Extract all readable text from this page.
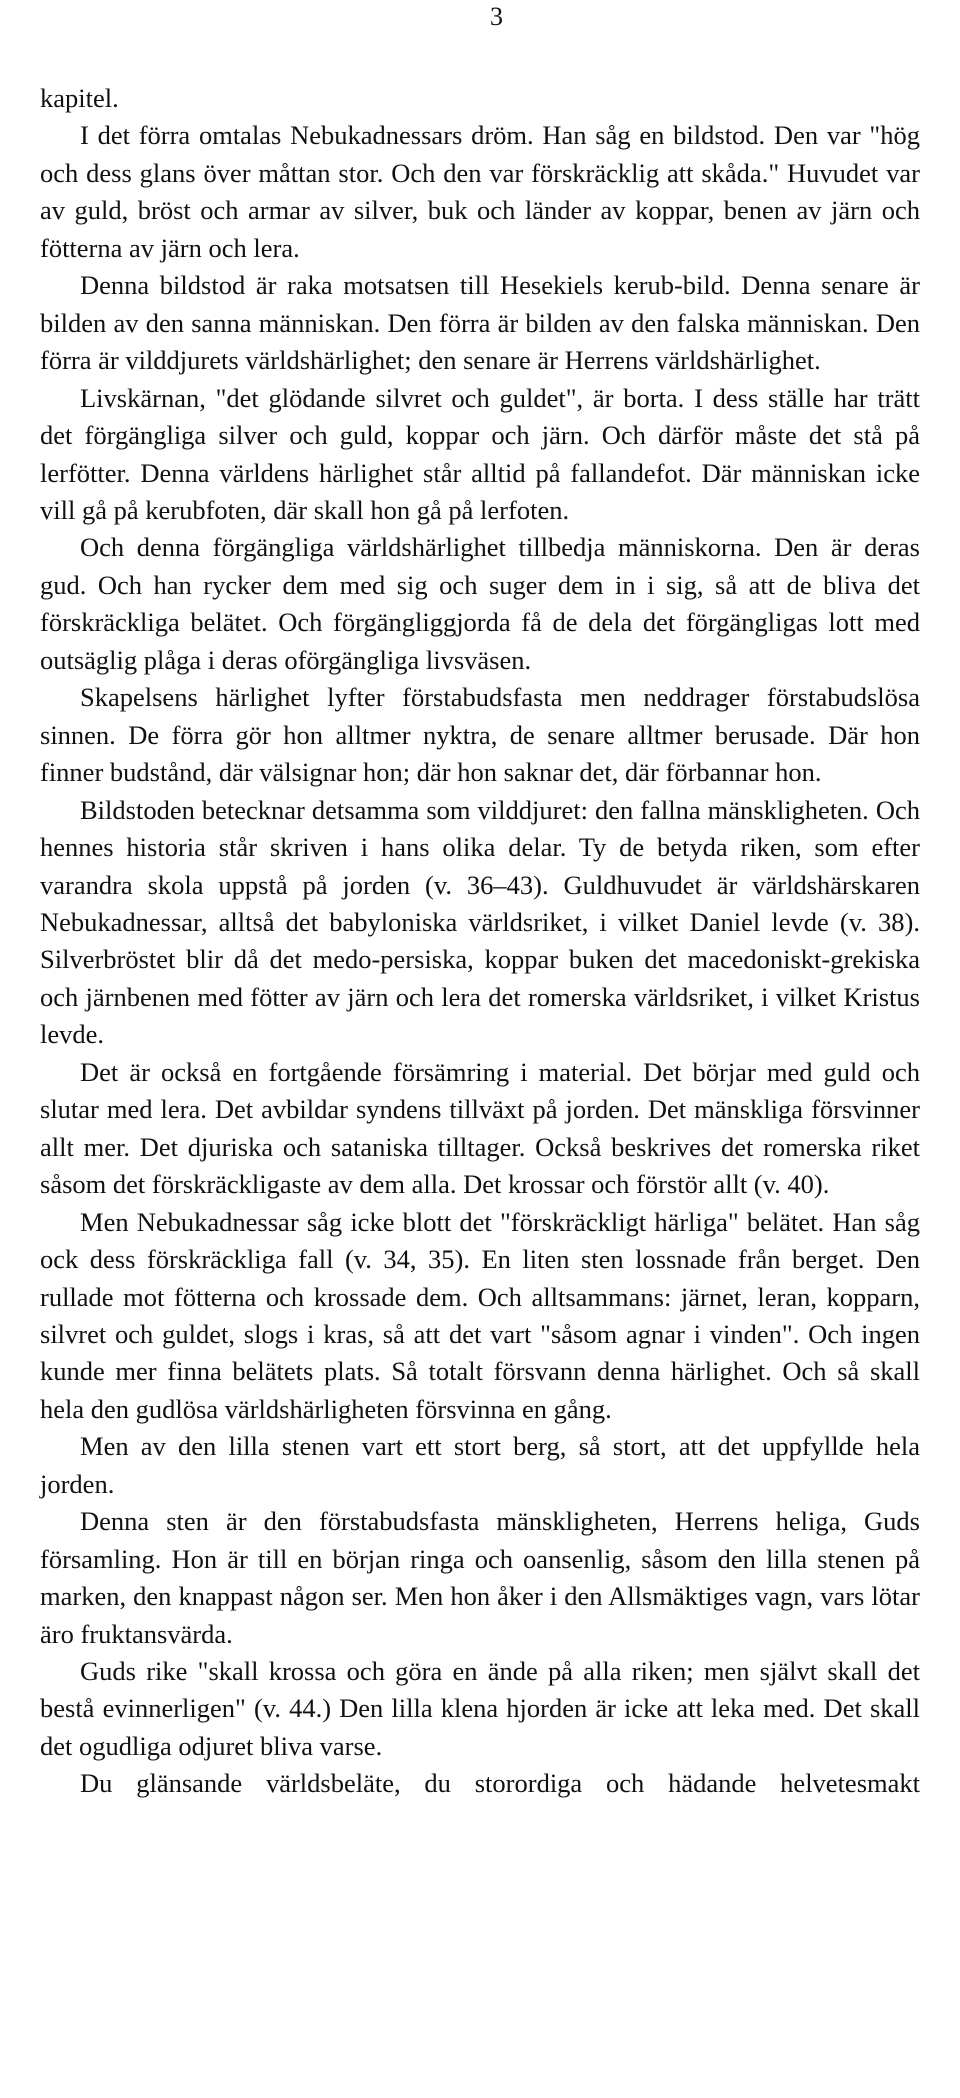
3

kapitel.

I det förra omtalas Nebukadnessars dröm. Han såg en bildstod. Den var "hög och dess glans över måttan stor. Och den var förskräcklig att skåda." Huvudet var av guld, bröst och armar av silver, buk och länder av koppar, benen av järn och fötterna av järn och lera.

Denna bildstod är raka motsatsen till Hesekiels kerub-bild. Denna senare är bilden av den sanna människan. Den förra är bilden av den falska människan. Den förra är vilddjurets världshärlighet; den senare är Herrens världshärlighet.

Livskärnan, "det glödande silvret och guldet", är borta. I dess ställe har trätt det förgängliga silver och guld, koppar och järn. Och därför måste det stå på lerfötter. Denna världens härlighet står alltid på fallandefot. Där människan icke vill gå på kerubfoten, där skall hon gå på lerfoten.

Och denna förgängliga världshärlighet tillbedja människorna. Den är deras gud. Och han rycker dem med sig och suger dem in i sig, så att de bliva det förskräckliga belätet. Och förgängliggjorda få de dela det förgängligas lott med outsäglig plåga i deras oförgängliga livsväsen.

Skapelsens härlighet lyfter förstabudsfasta men neddrager förstabudslösa sinnen. De förra gör hon alltmer nyktra, de senare alltmer berusade. Där hon finner budstånd, där välsignar hon; där hon saknar det, där förbannar hon.

Bildstoden betecknar detsamma som vilddjuret: den fallna mänskligheten. Och hennes historia står skriven i hans olika delar. Ty de betyda riken, som efter varandra skola uppstå på jorden (v. 36–43). Guldhuvudet är världshärskaren Nebukadnessar, alltså det babyloniska världsriket, i vilket Daniel levde (v. 38). Silverbröstet blir då det medo-persiska, koppar buken det macedoniskt-grekiska och järnbenen med fötter av järn och lera det romerska världsriket, i vilket Kristus levde.

Det är också en fortgående försämring i material. Det börjar med guld och slutar med lera. Det avbildar syndens tillväxt på jorden. Det mänskliga försvinner allt mer. Det djuriska och sataniska tilltager. Också beskrives det romerska riket såsom det förskräckligaste av dem alla. Det krossar och förstör allt (v. 40).

Men Nebukadnessar såg icke blott det "förskräckligt härliga" belätet. Han såg ock dess förskräckliga fall (v. 34, 35). En liten sten lossnade från berget. Den rullade mot fötterna och krossade dem. Och alltsammans: järnet, leran, kopparn, silvret och guldet, slogs i kras, så att det vart "såsom agnar i vinden". Och ingen kunde mer finna belätets plats. Så totalt försvann denna härlighet. Och så skall hela den gudlösa världshärligheten försvinna en gång.

Men av den lilla stenen vart ett stort berg, så stort, att det uppfyllde hela jorden.

Denna sten är den förstabudsfasta mänskligheten, Herrens heliga, Guds församling. Hon är till en början ringa och oansenlig, såsom den lilla stenen på marken, den knappast någon ser. Men hon åker i den Allsmäktiges vagn, vars lötar äro fruktansvärda.

Guds rike "skall krossa och göra en ände på alla riken; men självt skall det bestå evinnerligen" (v. 44.) Den lilla klena hjorden är icke att leka med. Det skall det ogudliga odjuret bliva varse.

Du glänsande världsbeläte, du storordiga och hädande helvetesmakt
